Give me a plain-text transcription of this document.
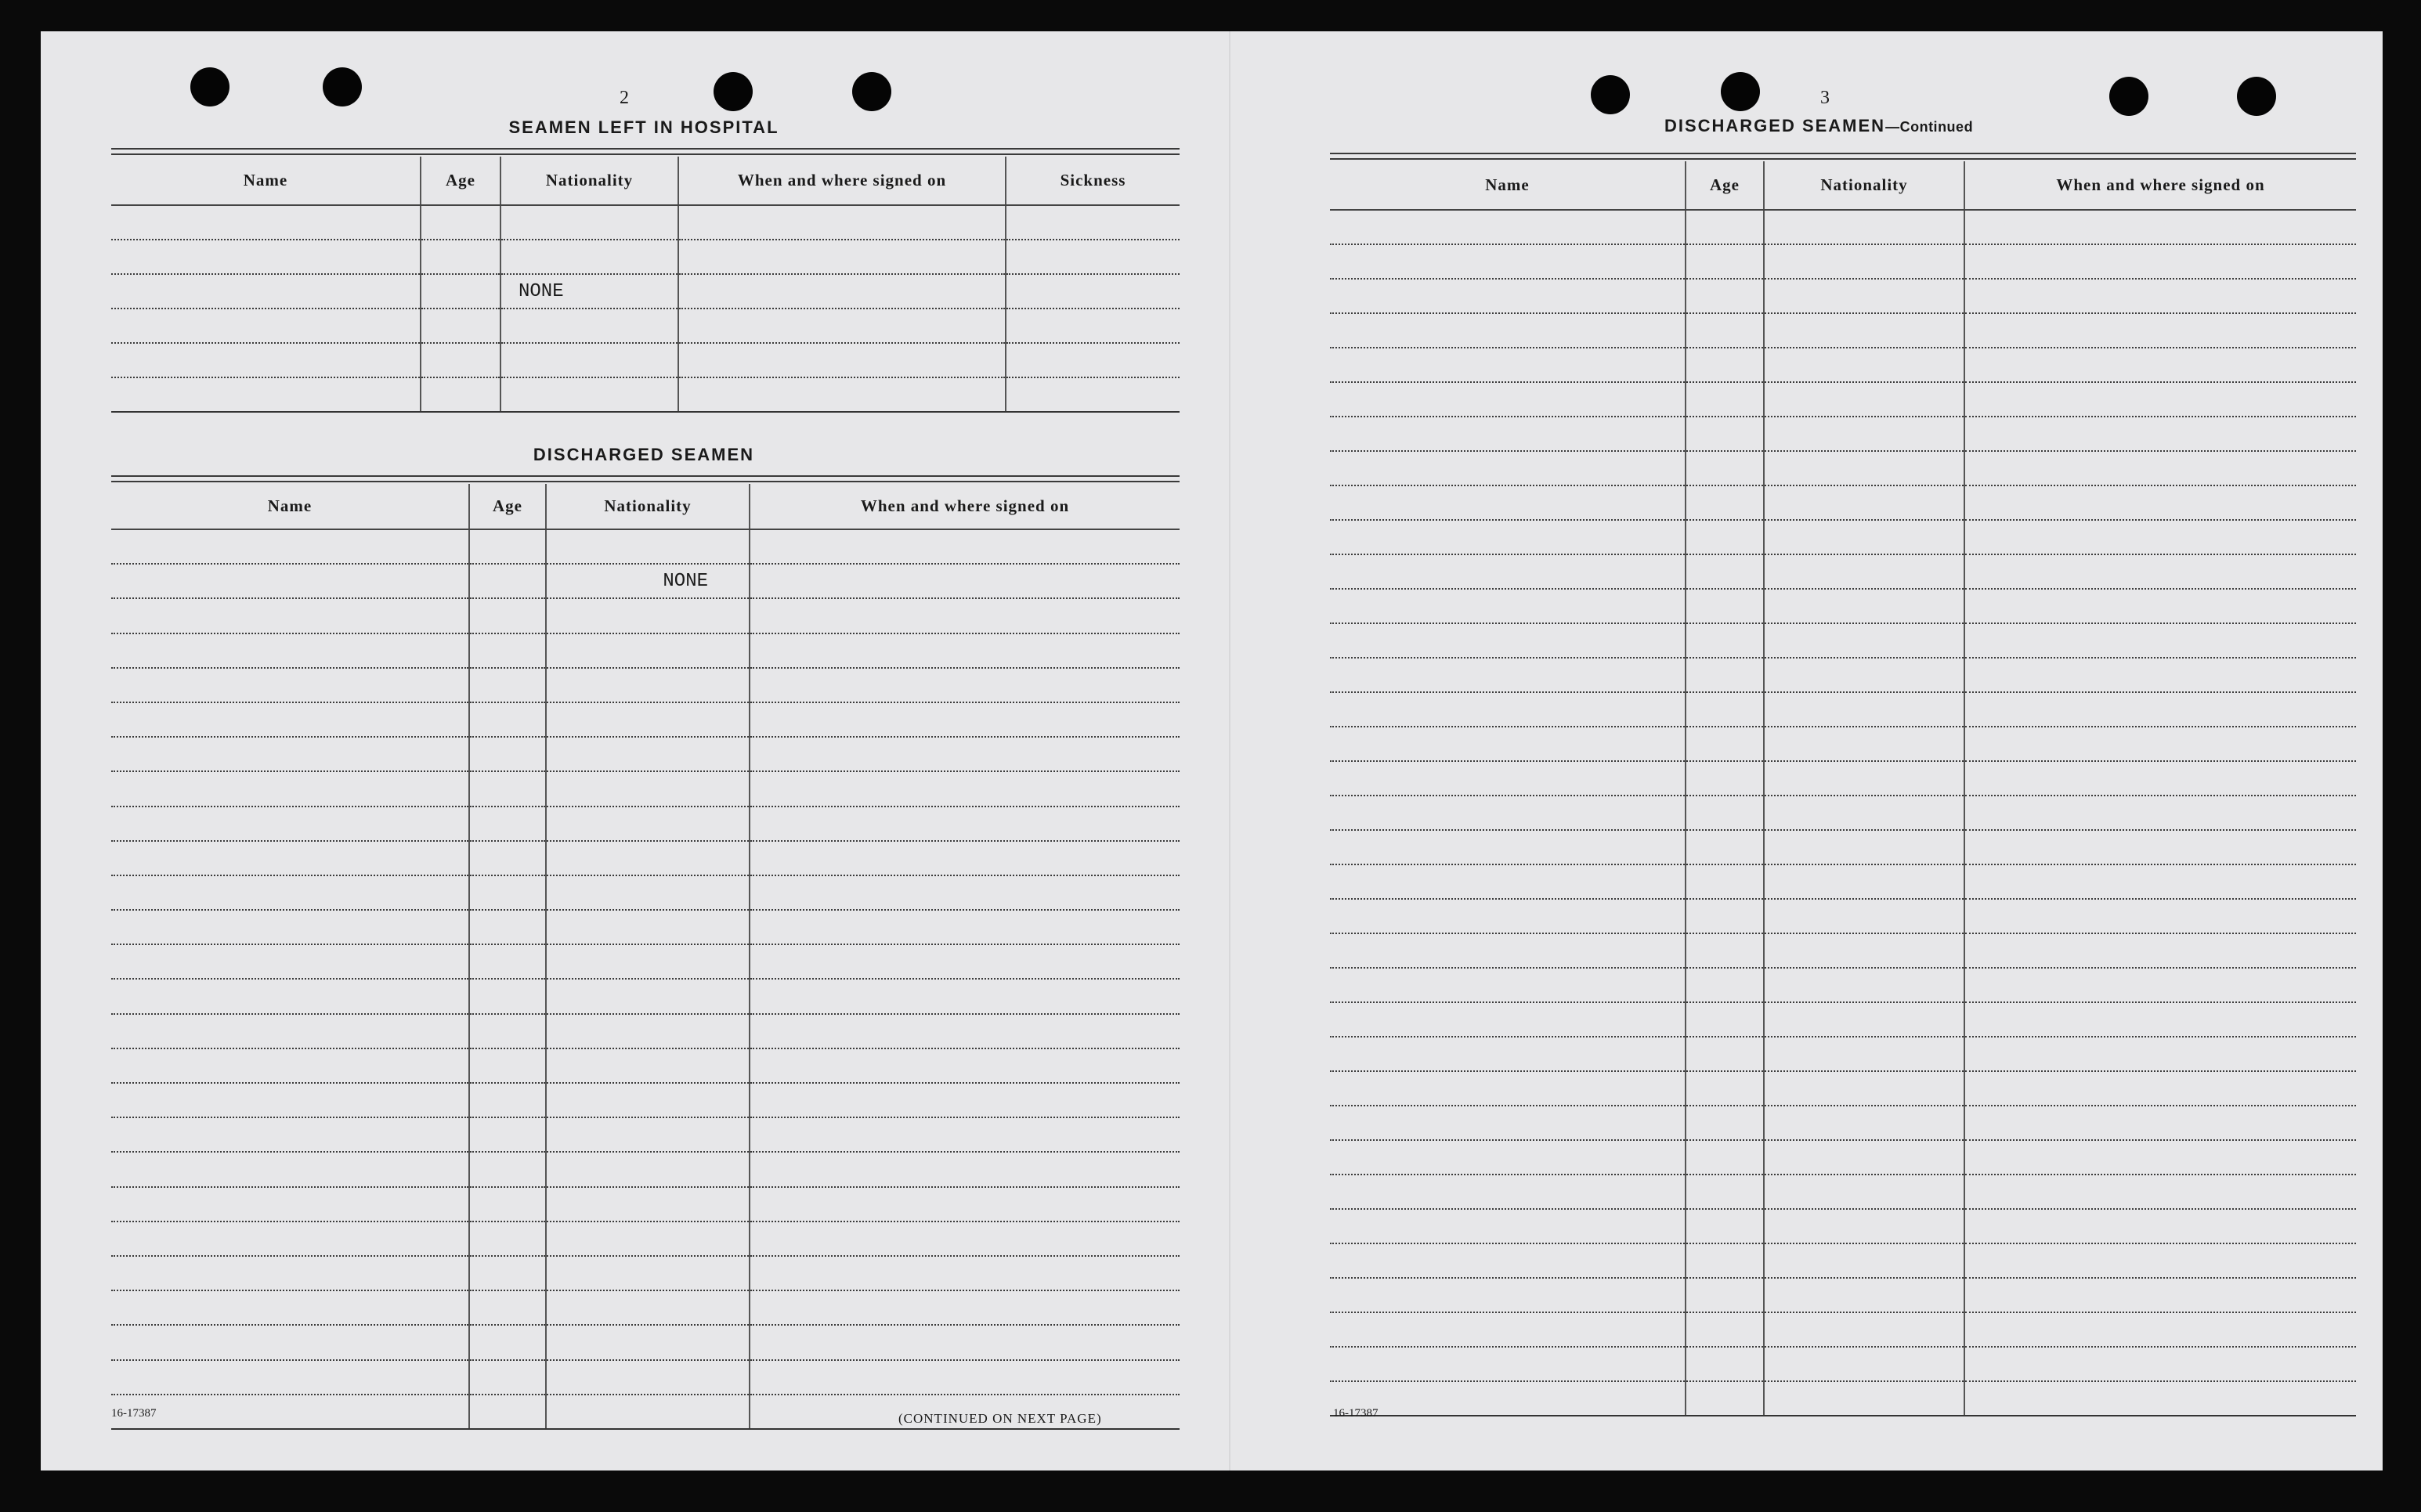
2
SEAMEN LEFT IN HOSPITAL
Name	Age	Nationality	When and where signed on	Sickness

		NONE		

DISCHARGED SEAMEN
Name	Age	Nationality	When and where signed on

		NONE	

16-17387	(CONTINUED ON NEXT PAGE)
3
DISCHARGED SEAMEN—Continued
Name	Age	Nationality	When and where signed on

16-17387
